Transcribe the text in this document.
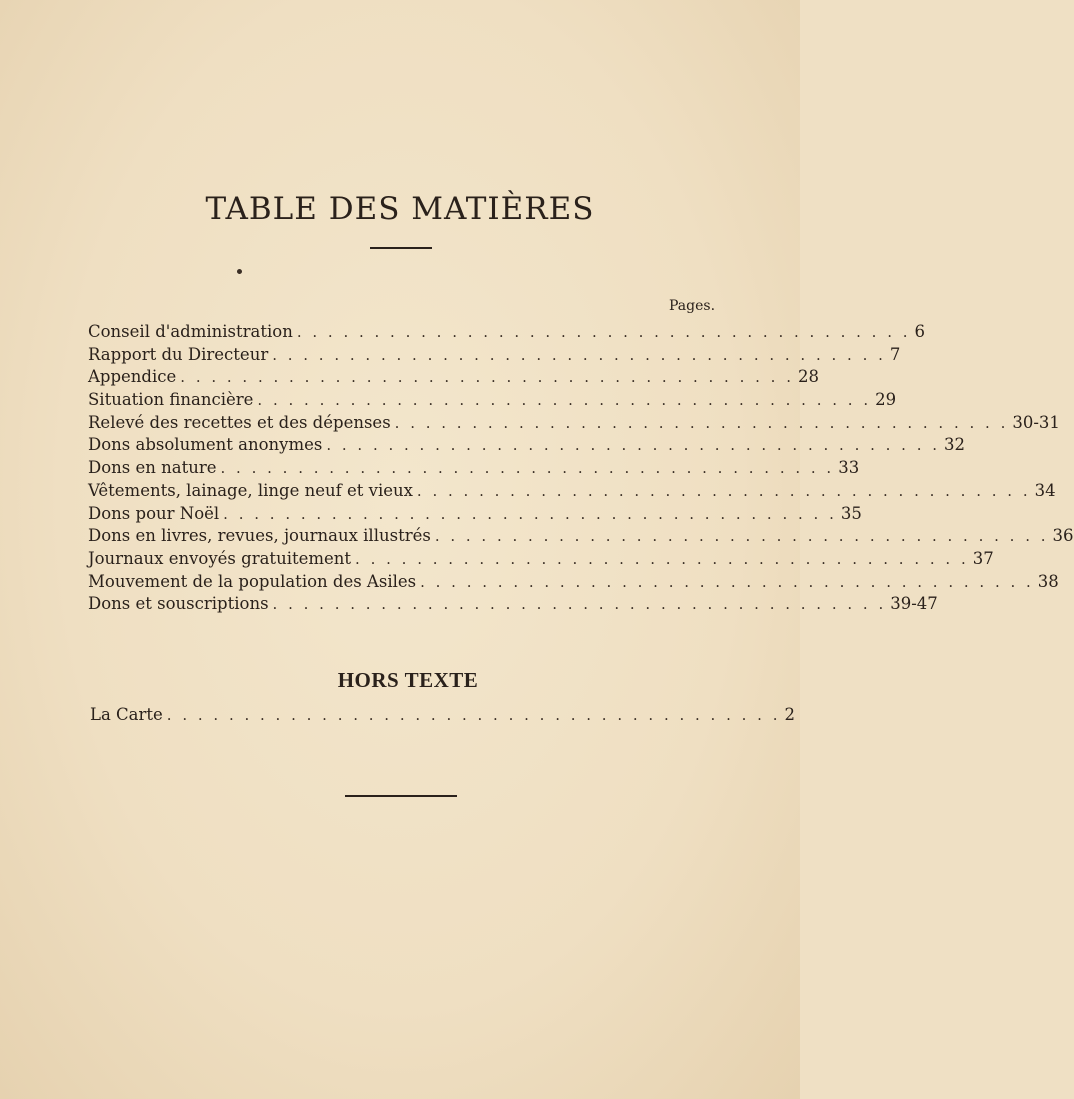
TABLE DES MATIÈRES
Pages.
Conseil d'administration . . . . . . . . . . . . . . . . . . . . . . . . . . . . . . . . . . . . . . . . 6
Rapport du Directeur . . . . . . . . . . . . . . . . . . . . . . . . . . . . . . . . . . . . . . . . 7
Appendice . . . . . . . . . . . . . . . . . . . . . . . . . . . . . . . . . . . . . . . . 28
Situation financière . . . . . . . . . . . . . . . . . . . . . . . . . . . . . . . . . . . . . . . . 29
Relevé des recettes et des dépenses . . . . . . . . . . . . . . . . . . . . . . . . . . . . . . . . . . . . . . . . 30-31
Dons absolument anonymes . . . . . . . . . . . . . . . . . . . . . . . . . . . . . . . . . . . . . . . . 32
Dons en nature . . . . . . . . . . . . . . . . . . . . . . . . . . . . . . . . . . . . . . . . 33
Vêtements, lainage, linge neuf et vieux . . . . . . . . . . . . . . . . . . . . . . . . . . . . . . . . . . . . . . . . 34
Dons pour Noël . . . . . . . . . . . . . . . . . . . . . . . . . . . . . . . . . . . . . . . . 35
Dons en livres, revues, journaux illustrés . . . . . . . . . . . . . . . . . . . . . . . . . . . . . . . . . . . . . . . . 36
Journaux envoyés gratuitement . . . . . . . . . . . . . . . . . . . . . . . . . . . . . . . . . . . . . . . . 37
Mouvement de la population des Asiles . . . . . . . . . . . . . . . . . . . . . . . . . . . . . . . . . . . . . . . . 38
Dons et souscriptions . . . . . . . . . . . . . . . . . . . . . . . . . . . . . . . . . . . . . . . . 39-47
HORS TEXTE
La Carte . . . . . . . . . . . . . . . . . . . . . . . . . . . . . . . . . . . . . . . . 2
